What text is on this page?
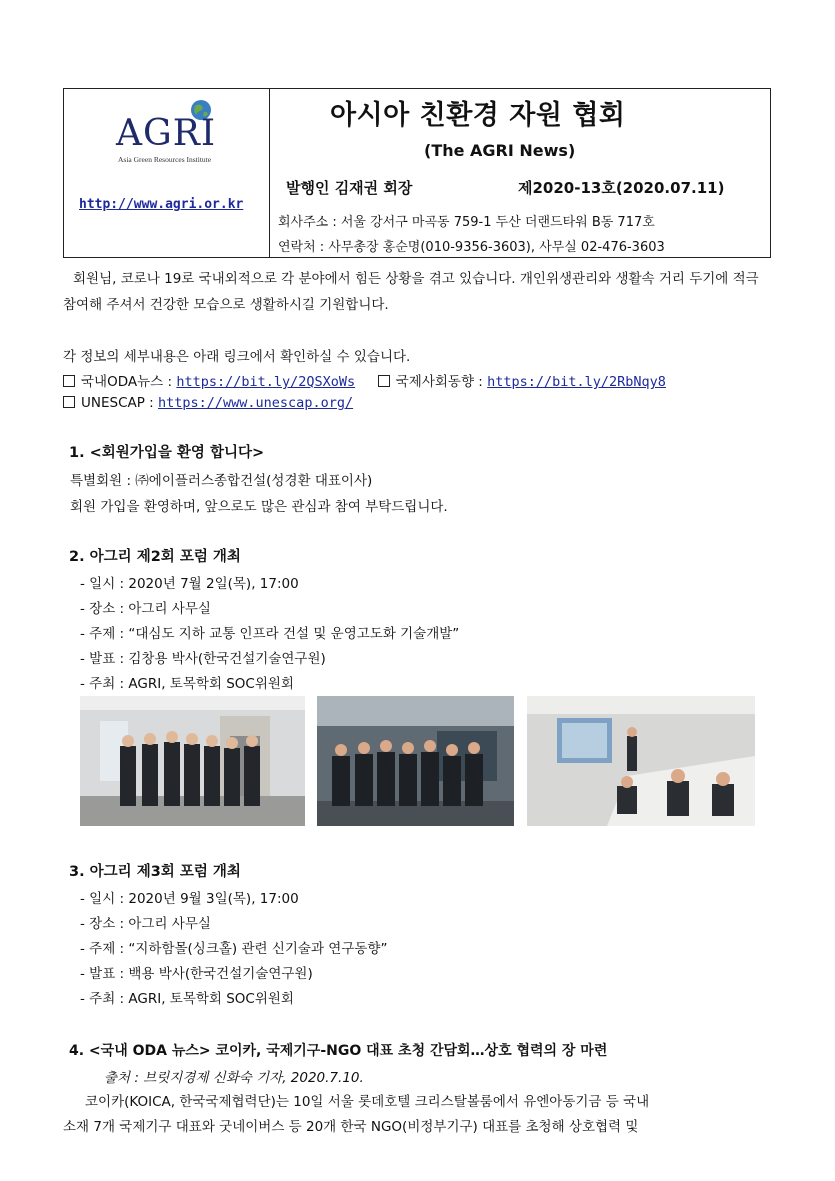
AGRI
Asia Green Resources Institute
http://www.agri.or.kr
아시아 친환경 자원 협회
(The AGRI News)
발행인 김재권 회장	제2020-13호(2020.07.11)
회사주소 : 서울 강서구 마곡동 759-1 두산 더랜드타워 B동 717호
연락처 : 사무총장 홍순명(010-9356-3603), 사무실 02-476-3603
회원님, 코로나 19로 국내외적으로 각 분야에서 힘든 상황을 겪고 있습니다. 개인위생관리와 생활속 거리 두기에 적극 참여해 주셔서 건강한 모습으로 생활하시길 기원합니다.
각 정보의 세부내용은 아래 링크에서 확인하실 수 있습니다.
국내ODA뉴스 : https://bit.ly/2QSXoWs	국제사회동향 : https://bit.ly/2RbNqy8
UNESCAP : https://www.unescap.org/
1. <회원가입을 환영 합니다>
특별회원 : ㈜에이플러스종합건설(성경환 대표이사)
회원 가입을 환영하며, 앞으로도 많은 관심과 참여 부탁드립니다.
2. 아그리 제2회 포럼 개최
- 일시 : 2020년 7월 2일(목), 17:00
- 장소 : 아그리 사무실
- 주제 : “대심도 지하 교통 인프라 건설 및 운영고도화 기술개발”
- 발표 : 김창용 박사(한국건설기술연구원)
- 주최 : AGRI, 토목학회 SOC위원회
3. 아그리 제3회 포럼 개최
- 일시 : 2020년 9월 3일(목), 17:00
- 장소 : 아그리 사무실
- 주제 : “지하함몰(싱크홀) 관련 신기술과 연구동향”
- 발표 : 백용 박사(한국건설기술연구원)
- 주최 : AGRI, 토목학회 SOC위원회
4. <국내 ODA 뉴스> 코이카, 국제기구-NGO 대표 초청 간담회…상호 협력의 장 마련
출처 : 브릿지경제 신화숙 기자, 2020.7.10.
코이카(KOICA, 한국국제협력단)는 10일 서울 롯데호텔 크리스탈볼룸에서 유엔아동기금 등 국내
소재 7개 국제기구 대표와 굿네이버스 등 20개 한국 NGO(비정부기구) 대표를 초청해 상호협력 및
